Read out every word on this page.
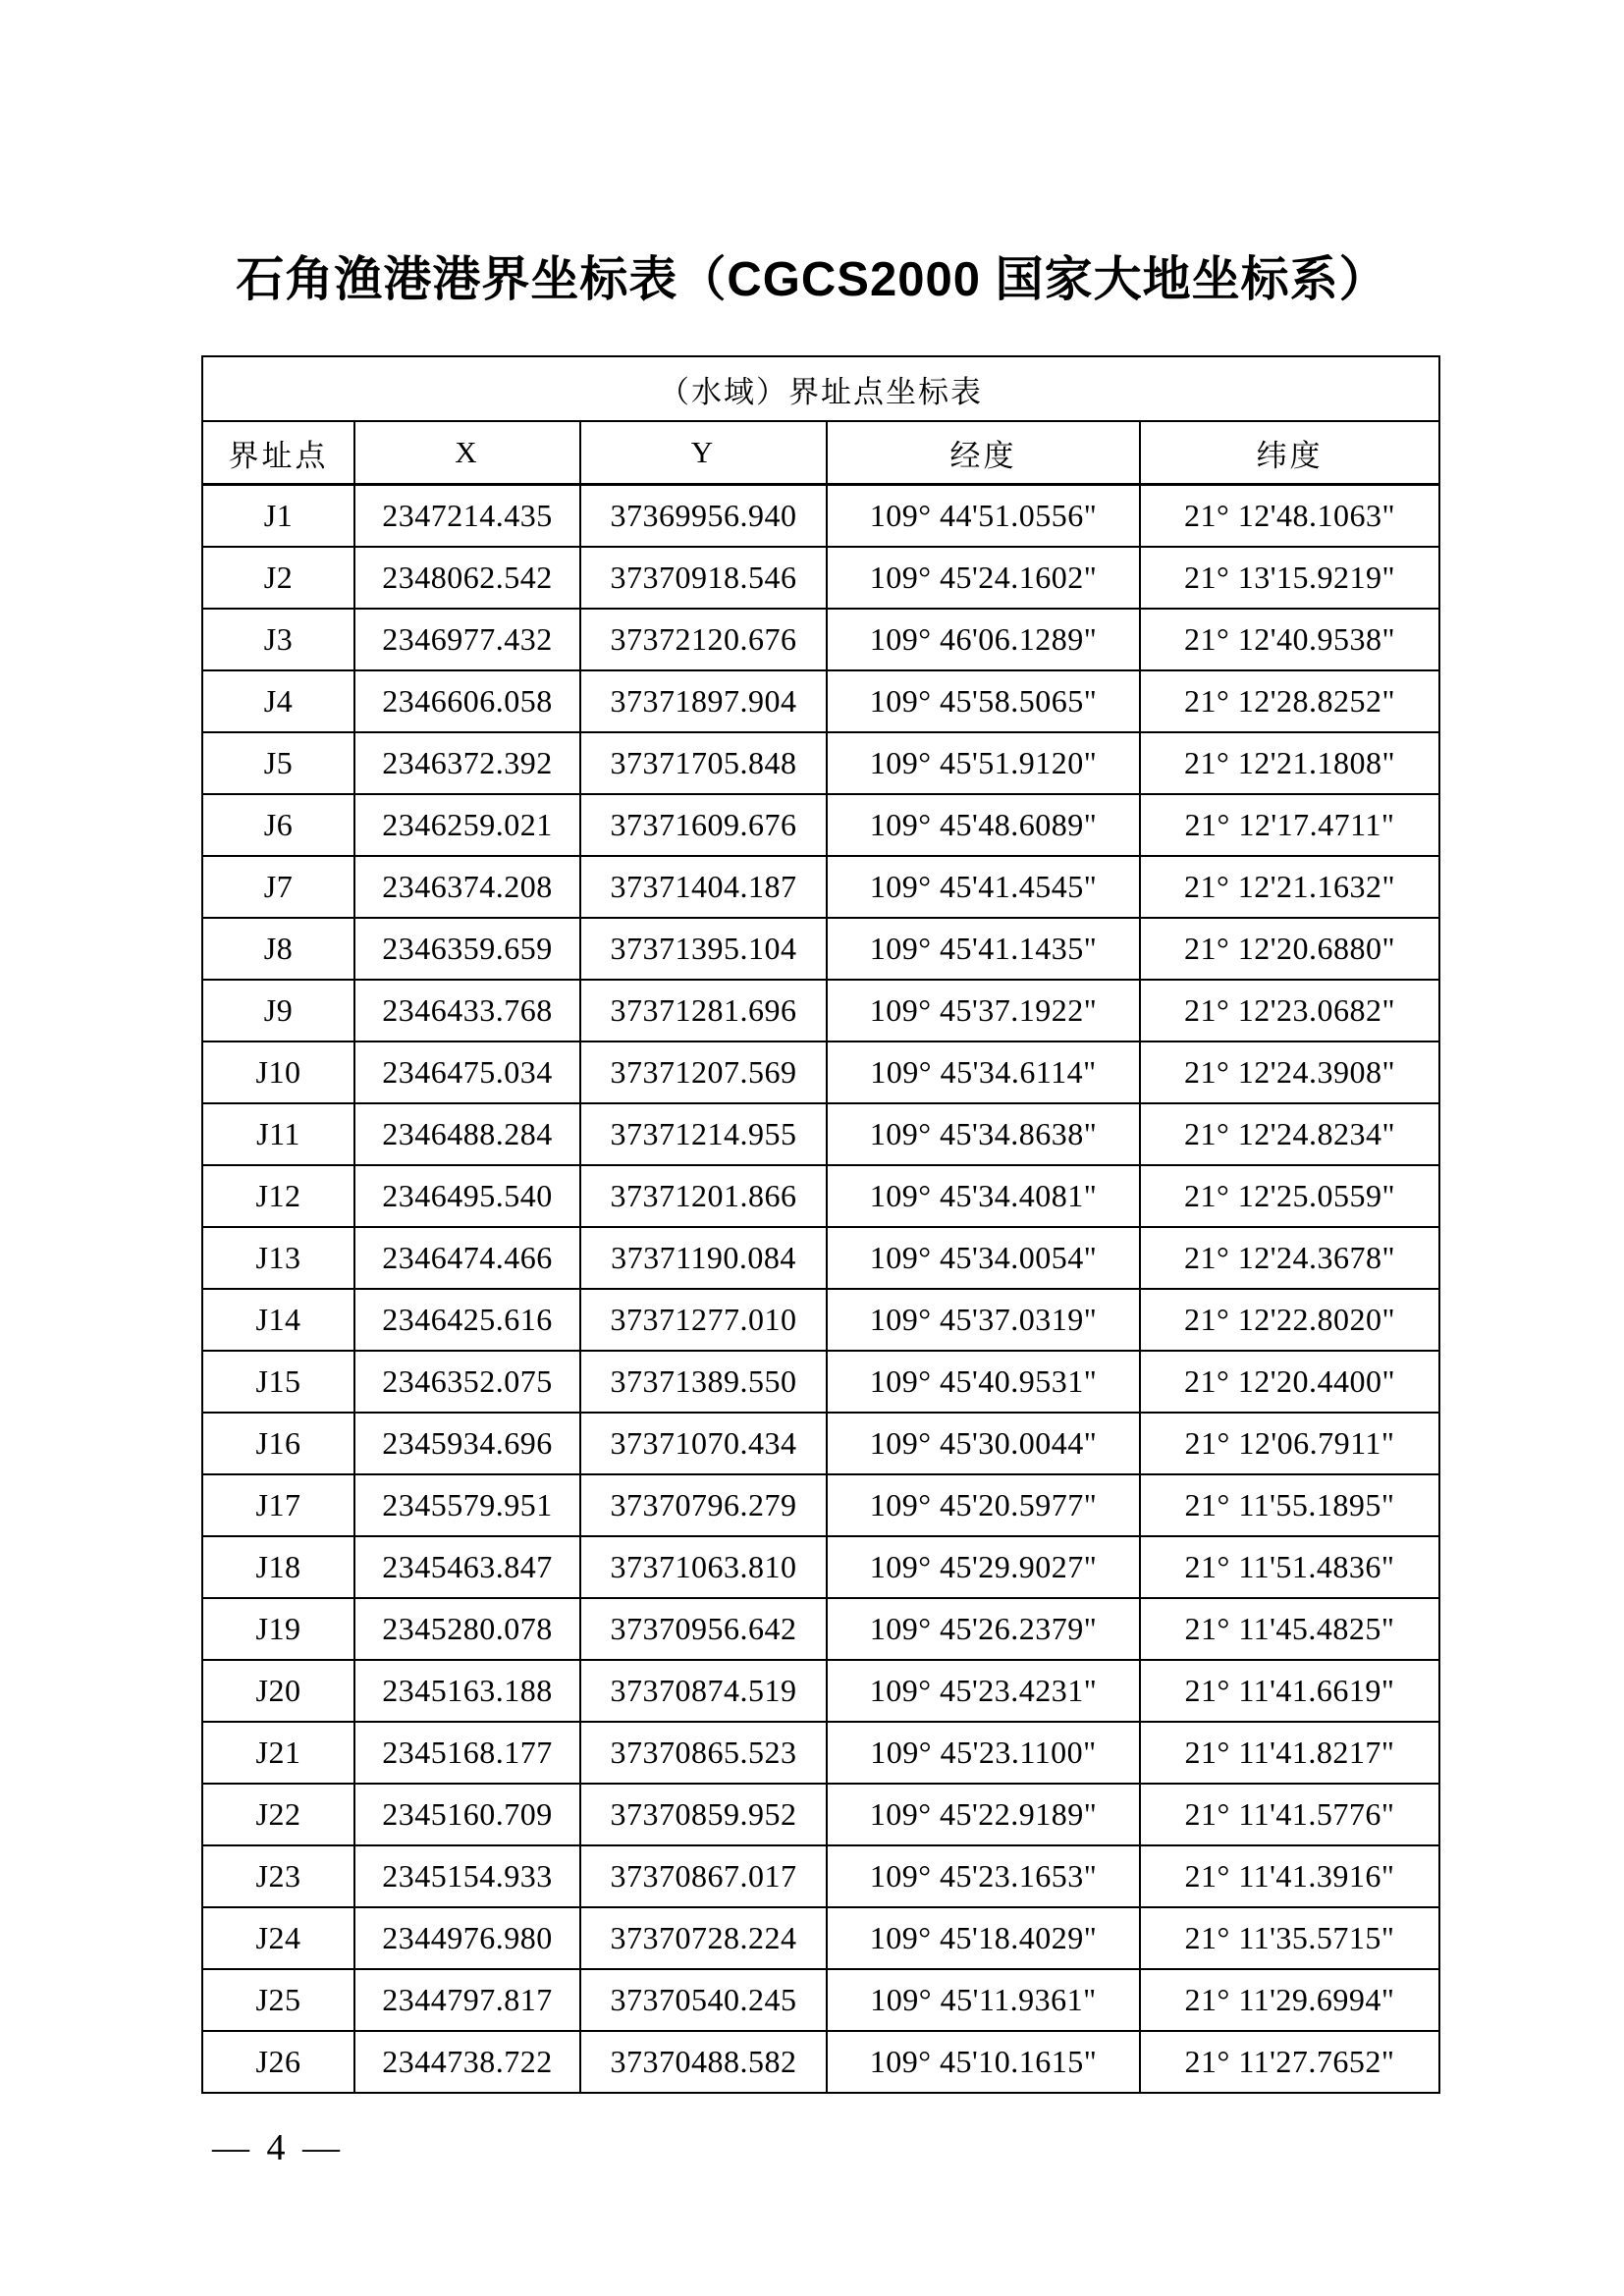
石角渔港港界坐标表（CGCS2000 国家大地坐标系）
（水域）界址点坐标表				
界址点	X	Y	经度	纬度
J1	2347214.435	37369956.940	109° 44'51.0556"	21° 12'48.1063"
J2	2348062.542	37370918.546	109° 45'24.1602"	21° 13'15.9219"
J3	2346977.432	37372120.676	109° 46'06.1289"	21° 12'40.9538"
J4	2346606.058	37371897.904	109° 45'58.5065"	21° 12'28.8252"
J5	2346372.392	37371705.848	109° 45'51.9120"	21° 12'21.1808"
J6	2346259.021	37371609.676	109° 45'48.6089"	21° 12'17.4711"
J7	2346374.208	37371404.187	109° 45'41.4545"	21° 12'21.1632"
J8	2346359.659	37371395.104	109° 45'41.1435"	21° 12'20.6880"
J9	2346433.768	37371281.696	109° 45'37.1922"	21° 12'23.0682"
J10	2346475.034	37371207.569	109° 45'34.6114"	21° 12'24.3908"
J11	2346488.284	37371214.955	109° 45'34.8638"	21° 12'24.8234"
J12	2346495.540	37371201.866	109° 45'34.4081"	21° 12'25.0559"
J13	2346474.466	37371190.084	109° 45'34.0054"	21° 12'24.3678"
J14	2346425.616	37371277.010	109° 45'37.0319"	21° 12'22.8020"
J15	2346352.075	37371389.550	109° 45'40.9531"	21° 12'20.4400"
J16	2345934.696	37371070.434	109° 45'30.0044"	21° 12'06.7911"
J17	2345579.951	37370796.279	109° 45'20.5977"	21° 11'55.1895"
J18	2345463.847	37371063.810	109° 45'29.9027"	21° 11'51.4836"
J19	2345280.078	37370956.642	109° 45'26.2379"	21° 11'45.4825"
J20	2345163.188	37370874.519	109° 45'23.4231"	21° 11'41.6619"
J21	2345168.177	37370865.523	109° 45'23.1100"	21° 11'41.8217"
J22	2345160.709	37370859.952	109° 45'22.9189"	21° 11'41.5776"
J23	2345154.933	37370867.017	109° 45'23.1653"	21° 11'41.3916"
J24	2344976.980	37370728.224	109° 45'18.4029"	21° 11'35.5715"
J25	2344797.817	37370540.245	109° 45'11.9361"	21° 11'29.6994"
J26	2344738.722	37370488.582	109° 45'10.1615"	21° 11'27.7652"
— 4 —
